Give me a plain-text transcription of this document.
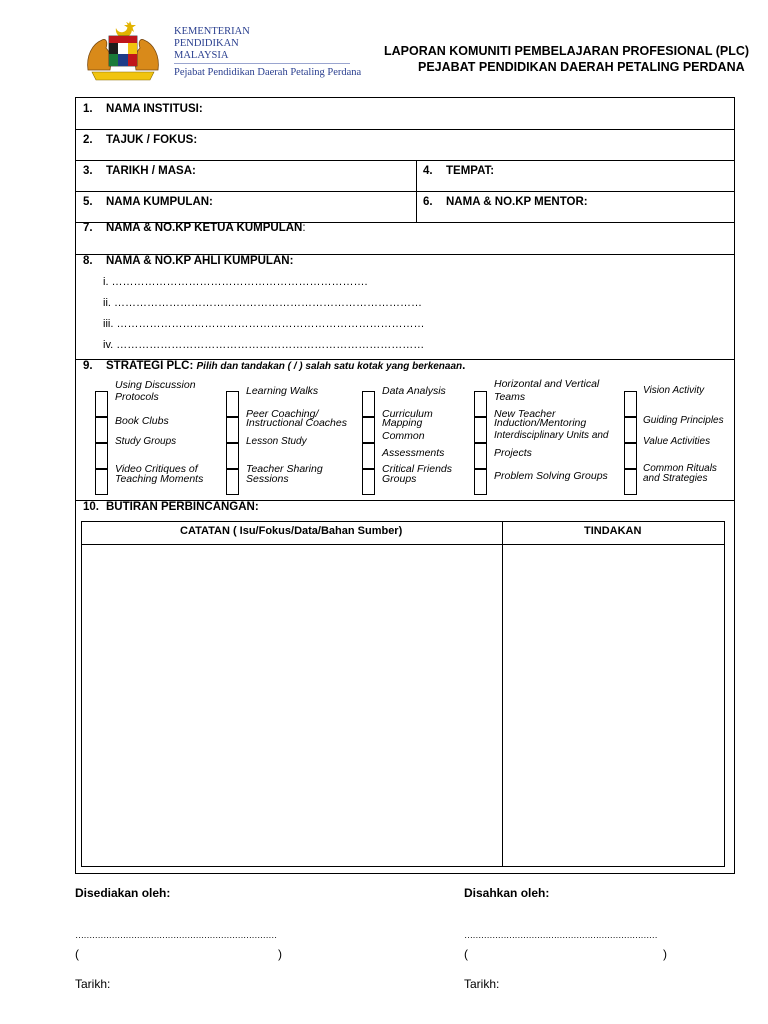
KEMENTERIAN
PENDIDIKAN
MALAYSIA
Pejabat Pendidikan Daerah Petaling Perdana
LAPORAN KOMUNITI PEMBELAJARAN PROFESIONAL (PLC)
PEJABAT PENDIDIKAN DAERAH PETALING PERDANA
1. NAMA INSTITUSI:
2. TAJUK / FOKUS:
3. TARIKH / MASA:	4. TEMPAT:
5. NAMA KUMPULAN:	6. NAMA & NO.KP MENTOR:
7. NAMA & NO.KP KETUA KUMPULAN:
8. NAMA & NO.KP AHLI KUMPULAN:
i. …………………………………………………………….
ii. …………………………………………………………………………
iii. …………………………………………………………………………
iv. …………………………………………………………………………
9. STRATEGI PLC: Pilih dan tandakan ( / ) salah satu kotak yang berkenaan.
Using Discussion
Protocols
Book Clubs
Study Groups
Video Critiques of
Teaching Moments
Learning Walks
Peer Coaching/
Instructional Coaches
Lesson Study
Teacher Sharing
Sessions
Data Analysis
Curriculum
Mapping
Common
Assessments
Critical Friends
Groups
Horizontal and Vertical
Teams
New Teacher
Induction/Mentoring
Interdisciplinary Units and
Projects
Problem Solving Groups
Vision Activity
Guiding Principles
Value Activities
Common Rituals
and Strategies
10. BUTIRAN PERBINCANGAN:
CATATAN ( Isu/Fokus/Data/Bahan Sumber)	TINDAKAN
Disediakan oleh:	Disahkan oleh:
………………………………………………………………	……………………………………………………………
(	)	(	)
Tarikh:	Tarikh:
